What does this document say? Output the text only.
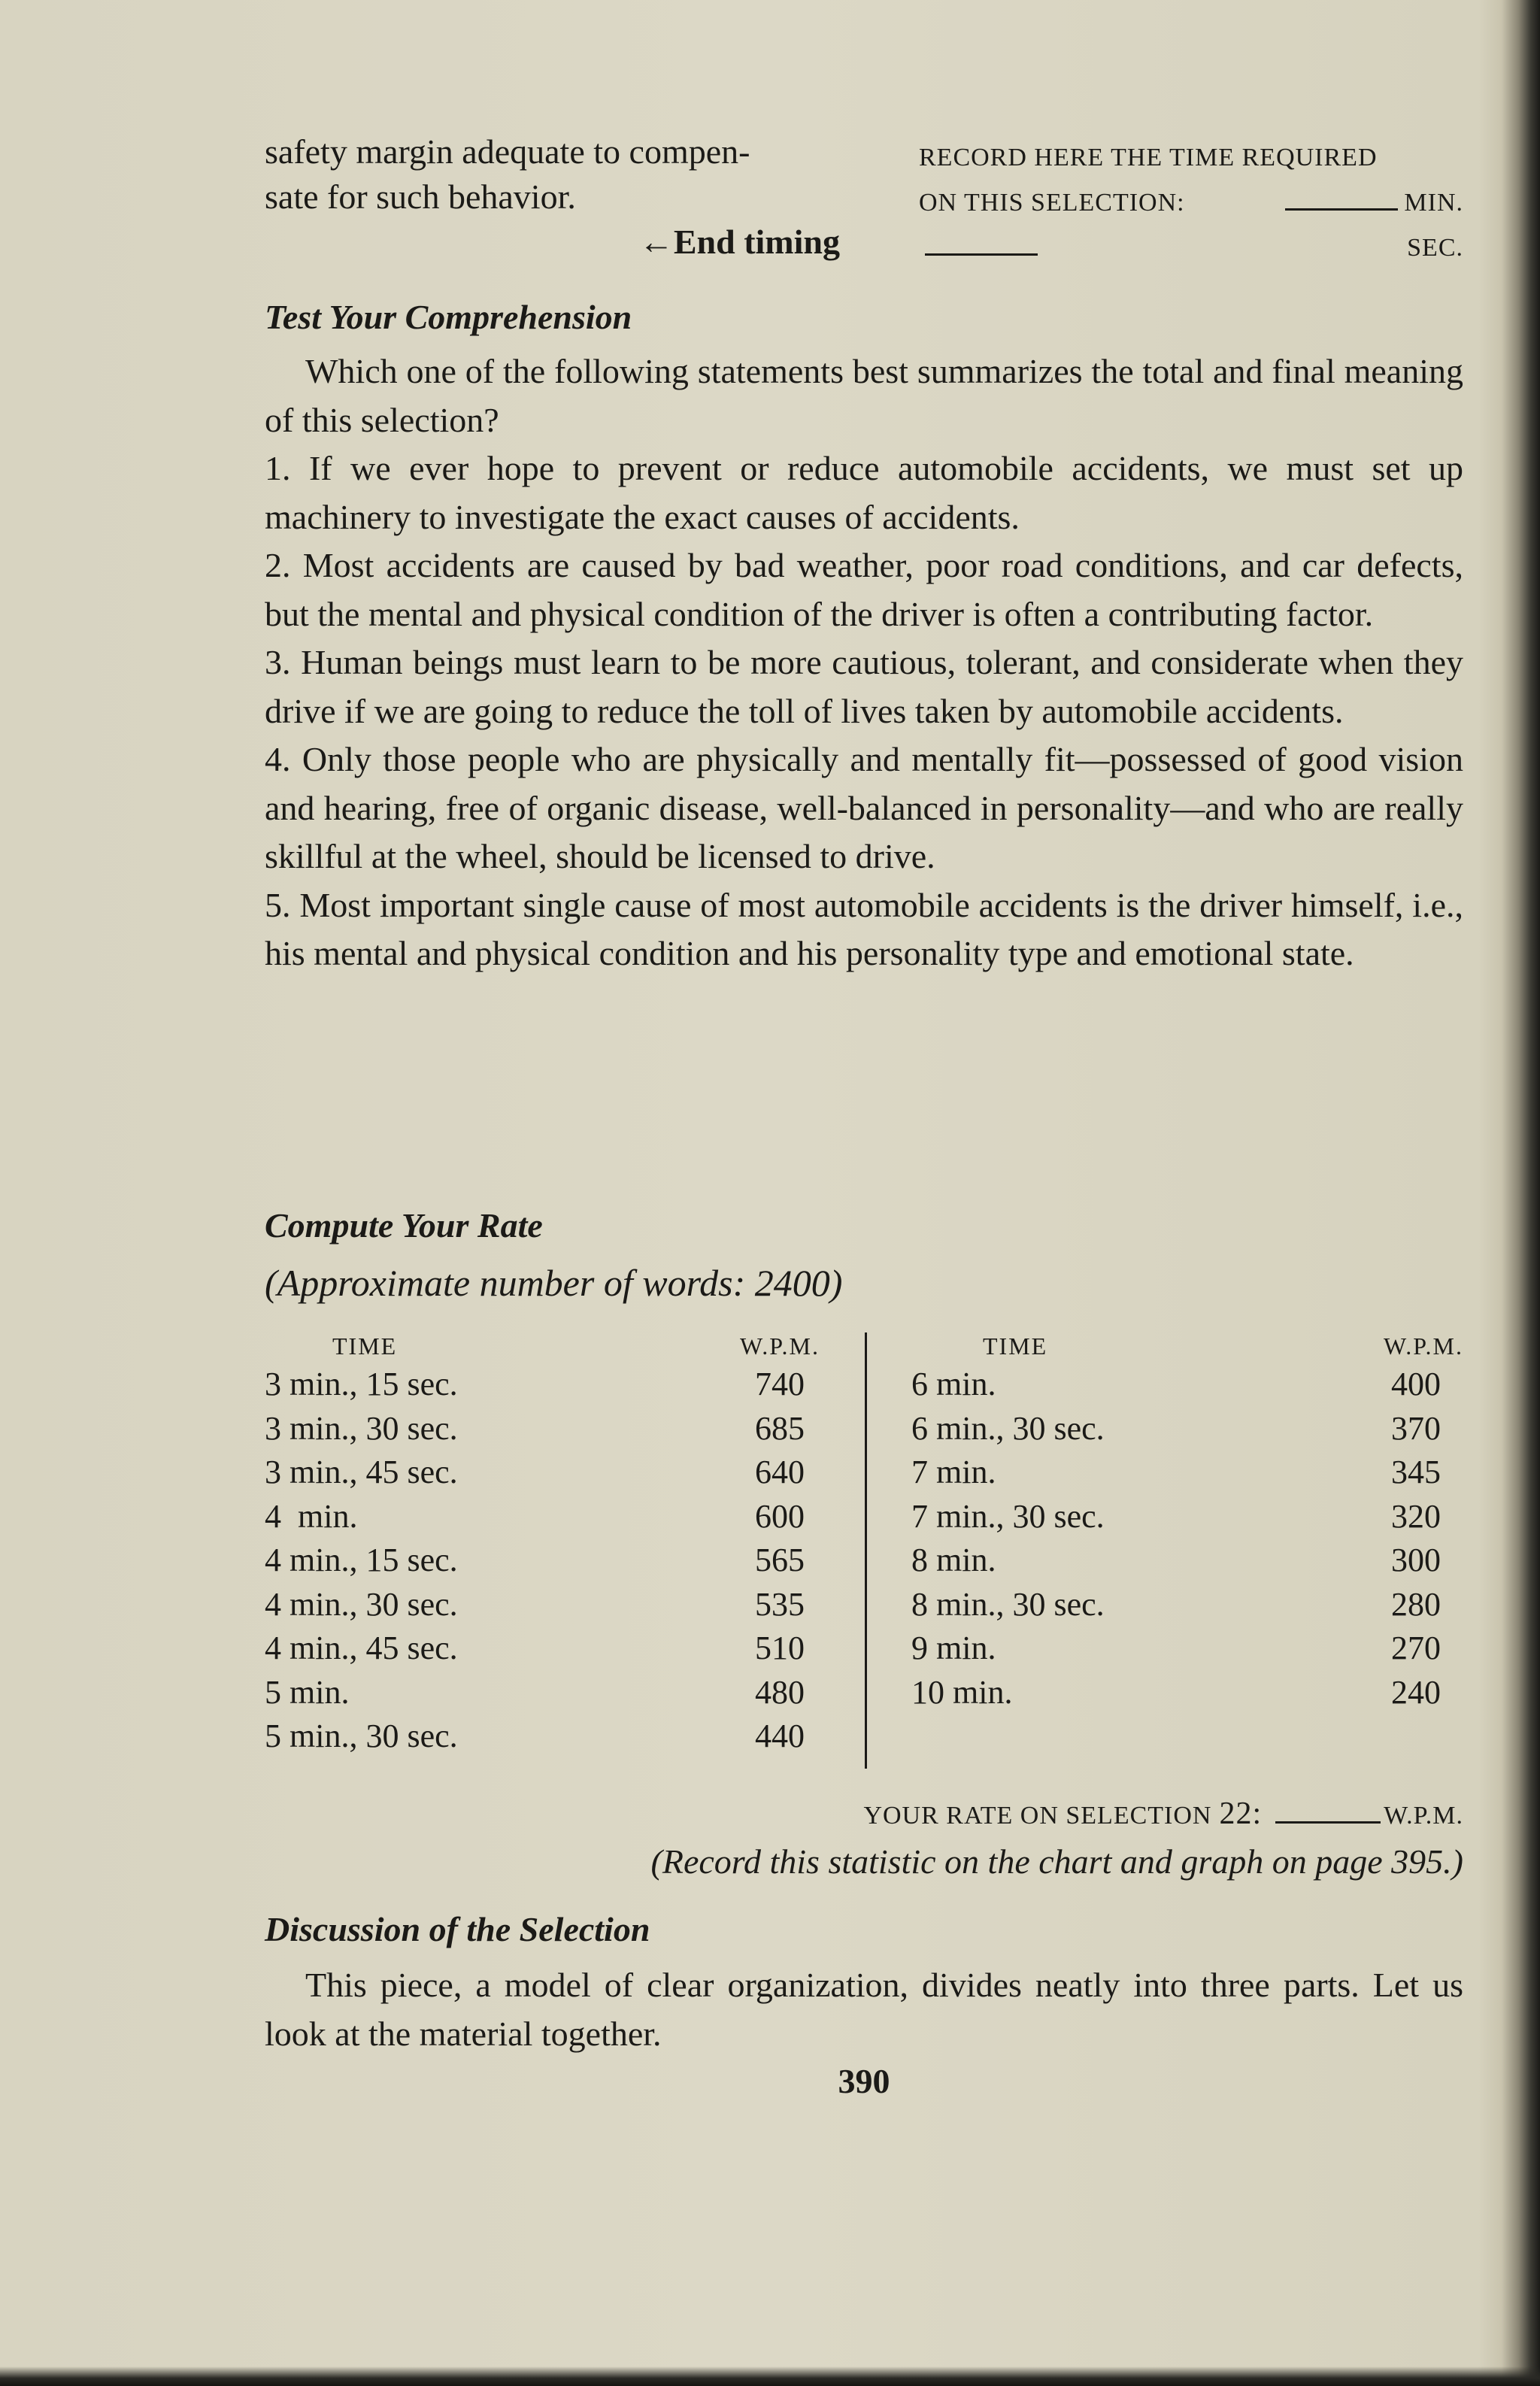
safety margin adequate to compen-
sate for such behavior.
←End timing
RECORD HERE THE TIME REQUIRED
ON THIS SELECTION:	MIN.
SEC.
Test Your Comprehension

Which one of the following statements best summarizes the total and final meaning of this selection?

1. If we ever hope to prevent or reduce automobile accidents, we must set up machinery to investigate the exact causes of accidents.

2. Most accidents are caused by bad weather, poor road conditions, and car defects, but the mental and physical condition of the driver is often a contributing factor.

3. Human beings must learn to be more cautious, tolerant, and considerate when they drive if we are going to reduce the toll of lives taken by automobile accidents.

4. Only those people who are physically and mentally fit—possessed of good vision and hearing, free of organic disease, well-balanced in personality—and who are really skillful at the wheel, should be licensed to drive.

5. Most important single cause of most automobile accidents is the driver himself, i.e., his mental and physical condition and his personality type and emotional state.

Compute Your Rate
(Approximate number of words: 2400)
TIME	W.P.M.
3 min., 15 sec.	740
3 min., 30 sec.	685
3 min., 45 sec.	640
4  min.	600
4 min., 15 sec.	565
4 min., 30 sec.	535
4 min., 45 sec.	510
5 min.	480
5 min., 30 sec.	440
TIME	W.P.M.
6 min.	400
6 min., 30 sec.	370
7 min.	345
7 min., 30 sec.	320
8 min.	300
8 min., 30 sec.	280
9 min.	270
10 min.	240
YOUR RATE ON SELECTION 22:	W.P.M.
(Record this statistic on the chart and graph on page 395.)
Discussion of the Selection
This piece, a model of clear organization, divides neatly into three parts. Let us look at the material together.
390
